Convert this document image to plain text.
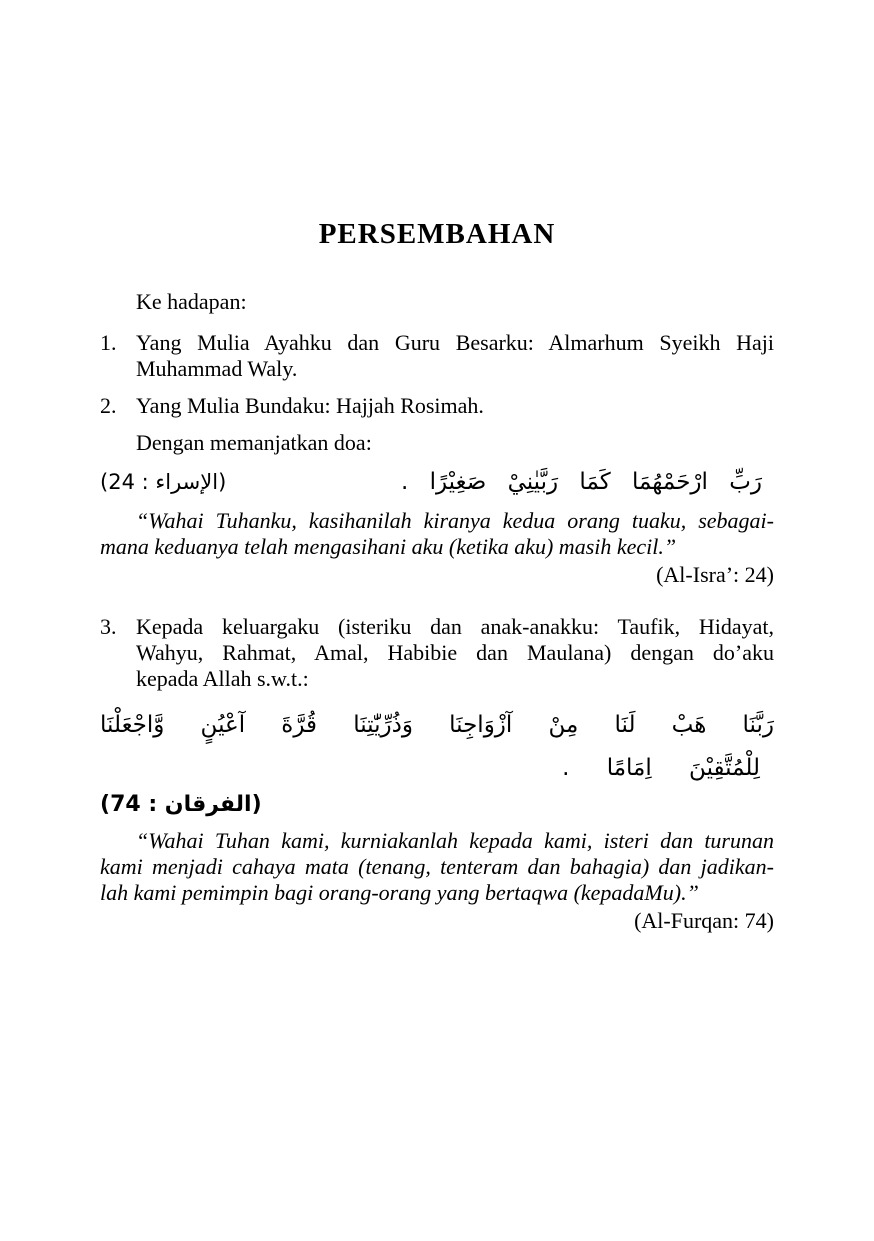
PERSEMBAHAN

Ke hadapan:

1. Yang Mulia Ayahku dan Guru Besarku: Almarhum Syeikh Haji
Muhammad Waly.
2. Yang Mulia Bundaku: Hajjah Rosimah.

Dengan memanjatkan doa:

(الإسراء : 24)	رَبِّ ارْحَمْهُمَا كَمَا رَبَّيٰنِيْ صَغِيْرًا .
“Wahai Tuhanku, kasihanilah kiranya kedua orang tuaku, sebagai-
mana keduanya telah mengasihani aku (ketika aku) masih kecil.”
(Al-Isra’: 24)
3. Kepada keluargaku (isteriku dan anak-anakku: Taufik, Hidayat,
Wahyu, Rahmat, Amal, Habibie dan Maulana) dengan do’aku
kepada Allah s.w.t.:
رَبَّنَا هَبْ لَنَا مِنْ آزْوَاجِنَا وَذُرِّيّٰتِنَا قُرَّةَ آعْيُنٍ وَّاجْعَلْنَا
لِلْمُتَّقِيْنَ اِمَامًا .
(الفرقان : 74)
“Wahai Tuhan kami, kurniakanlah kepada kami, isteri dan turunan
kami menjadi cahaya mata (tenang, tenteram dan bahagia) dan jadikan-
lah kami pemimpin bagi orang-orang yang bertaqwa (kepadaMu).”
(Al-Furqan: 74)
